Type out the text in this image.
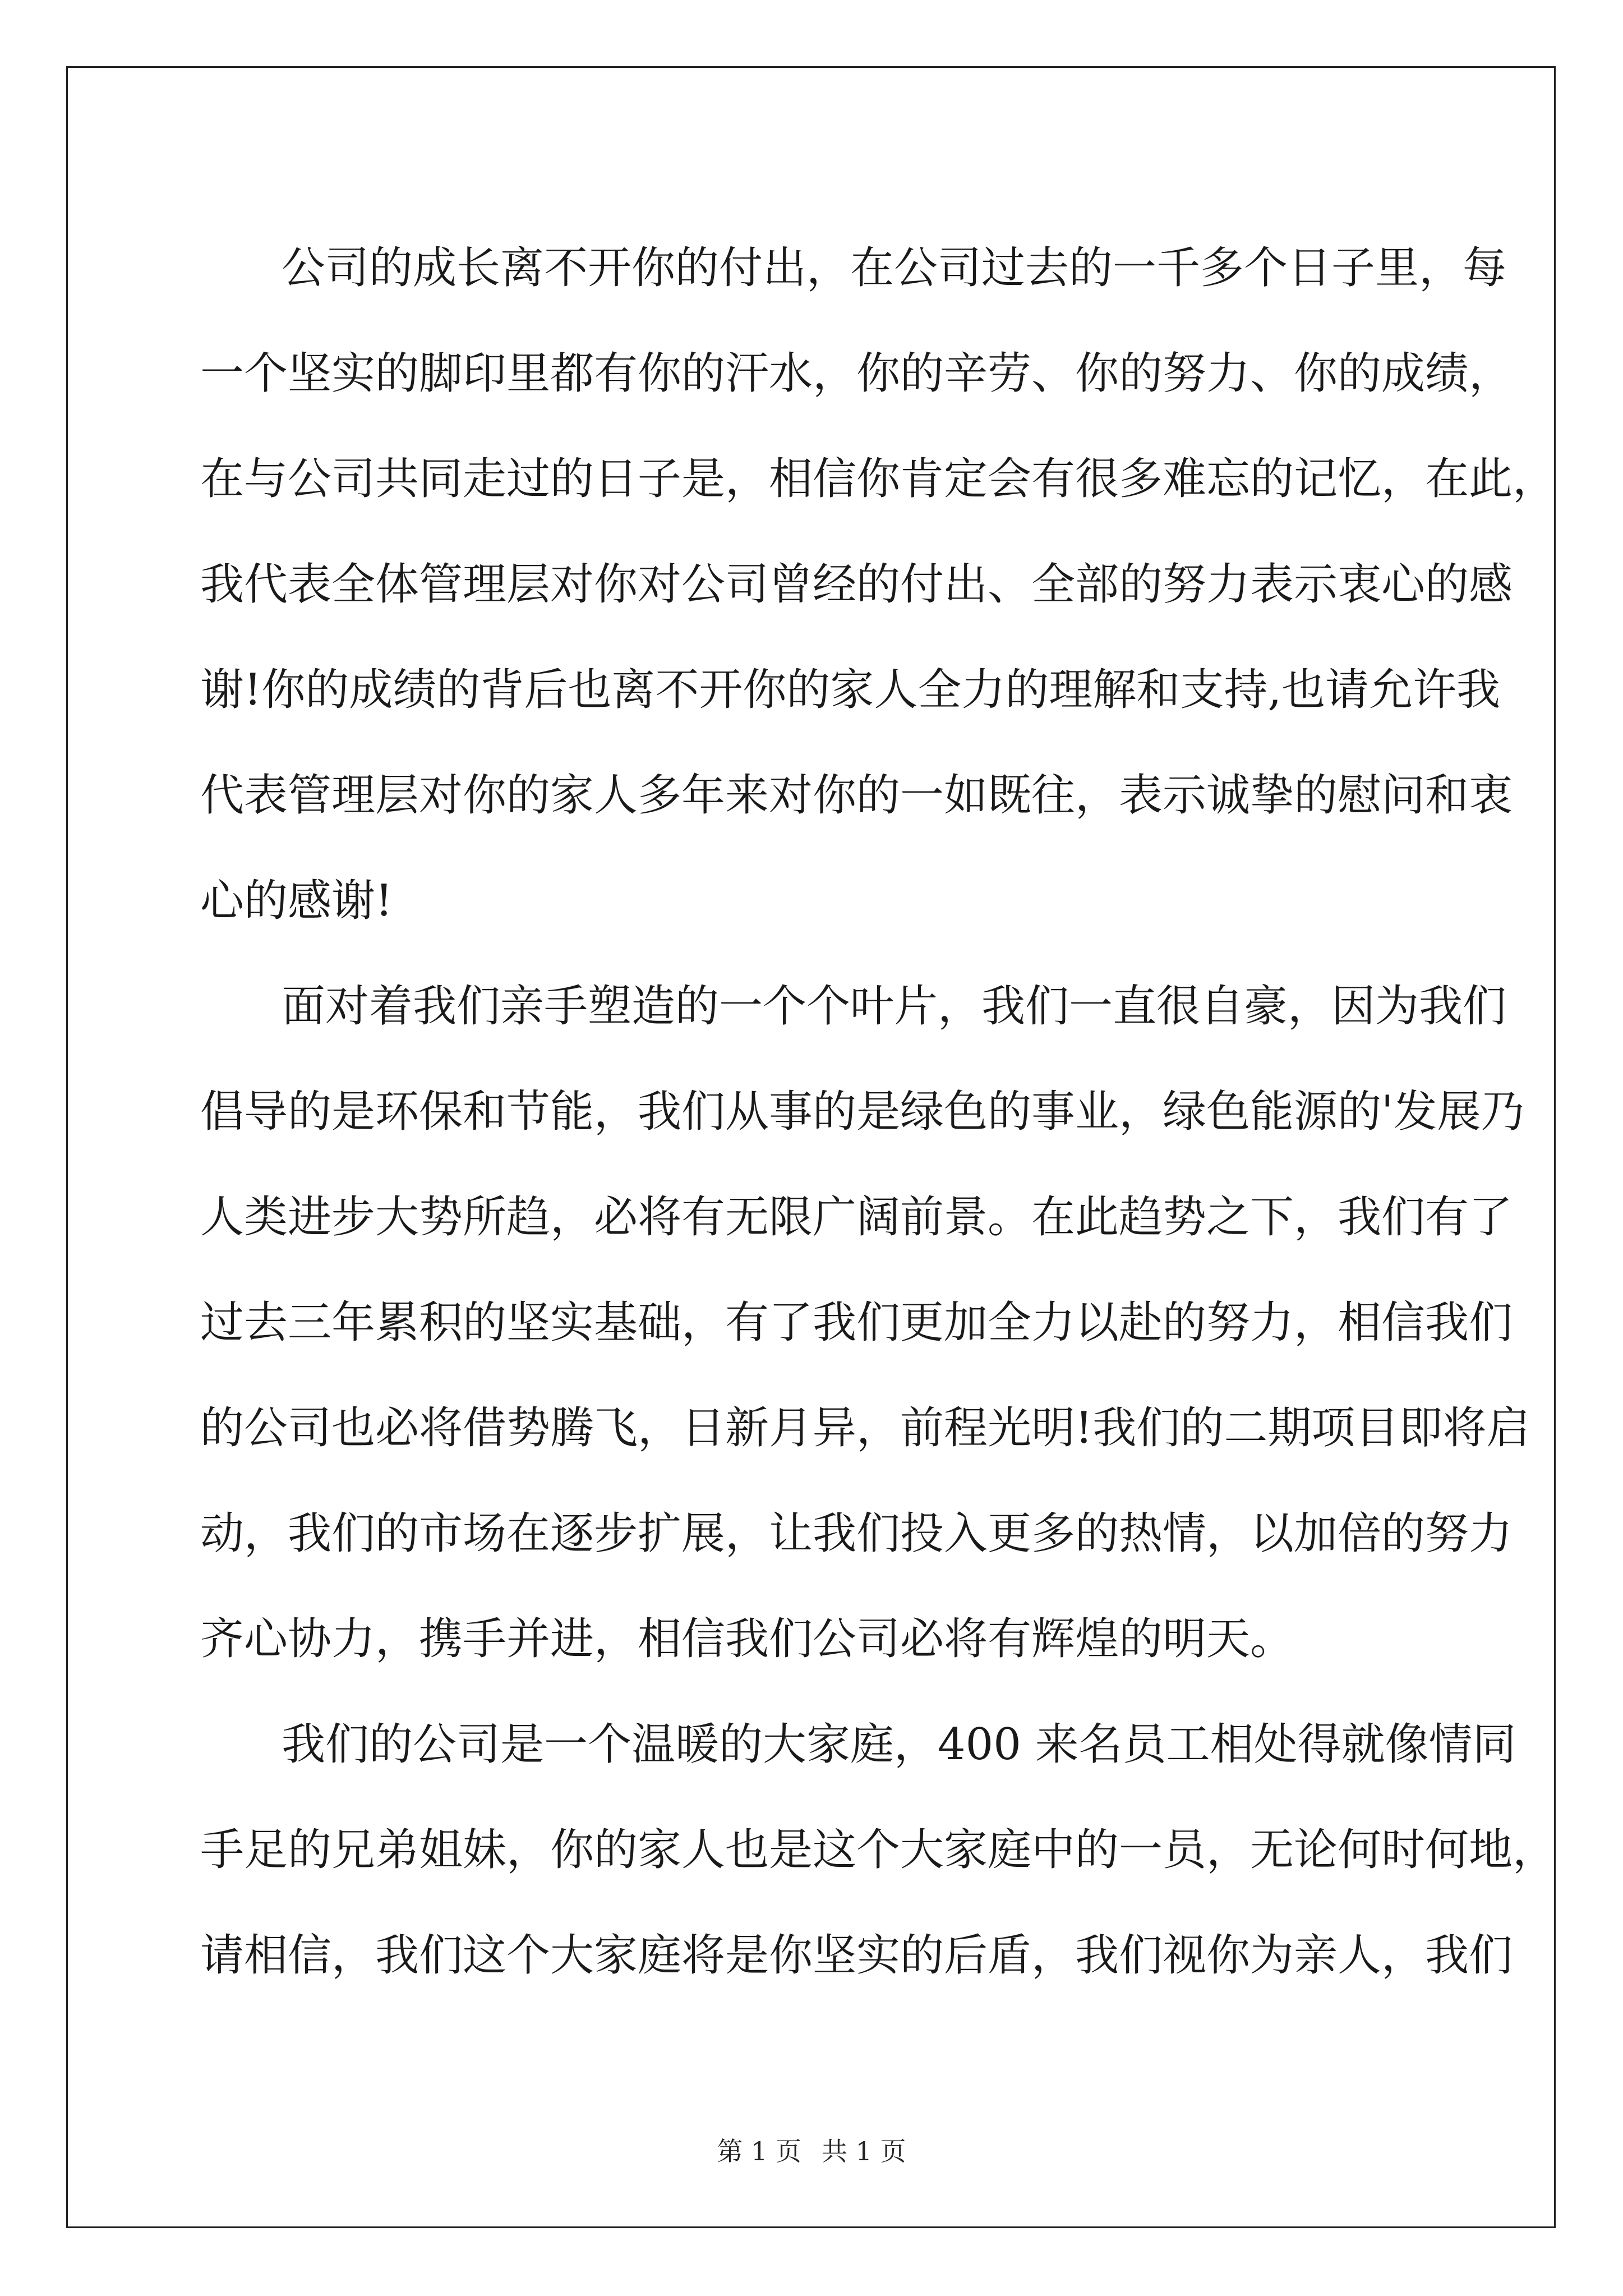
公司的成长离不开你的付出，在公司过去的一千多个日子里，每
一个坚实的脚印里都有你的汗水，你的辛劳、你的努力、你的成绩，
在与公司共同走过的日子是，相信你肯定会有很多难忘的记忆，在此，
我代表全体管理层对你对公司曾经的付出、全部的努力表示衷心的感
谢!你的成绩的背后也离不开你的家人全力的理解和支持,也请允许我
代表管理层对你的家人多年来对你的一如既往，表示诚挚的慰问和衷
心的感谢!
面对着我们亲手塑造的一个个叶片，我们一直很自豪，因为我们
倡导的是环保和节能，我们从事的是绿色的事业，绿色能源的'发展乃
人类进步大势所趋，必将有无限广阔前景。在此趋势之下，我们有了
过去三年累积的坚实基础，有了我们更加全力以赴的努力，相信我们
的公司也必将借势腾飞，日新月异，前程光明!我们的二期项目即将启
动，我们的市场在逐步扩展，让我们投入更多的热情，以加倍的努力
齐心协力，携手并进，相信我们公司必将有辉煌的明天。
我们的公司是一个温暖的大家庭，400 来名员工相处得就像情同
手足的兄弟姐妹，你的家人也是这个大家庭中的一员，无论何时何地，
请相信，我们这个大家庭将是你坚实的后盾，我们视你为亲人，我们
第 1 页 共 1 页
